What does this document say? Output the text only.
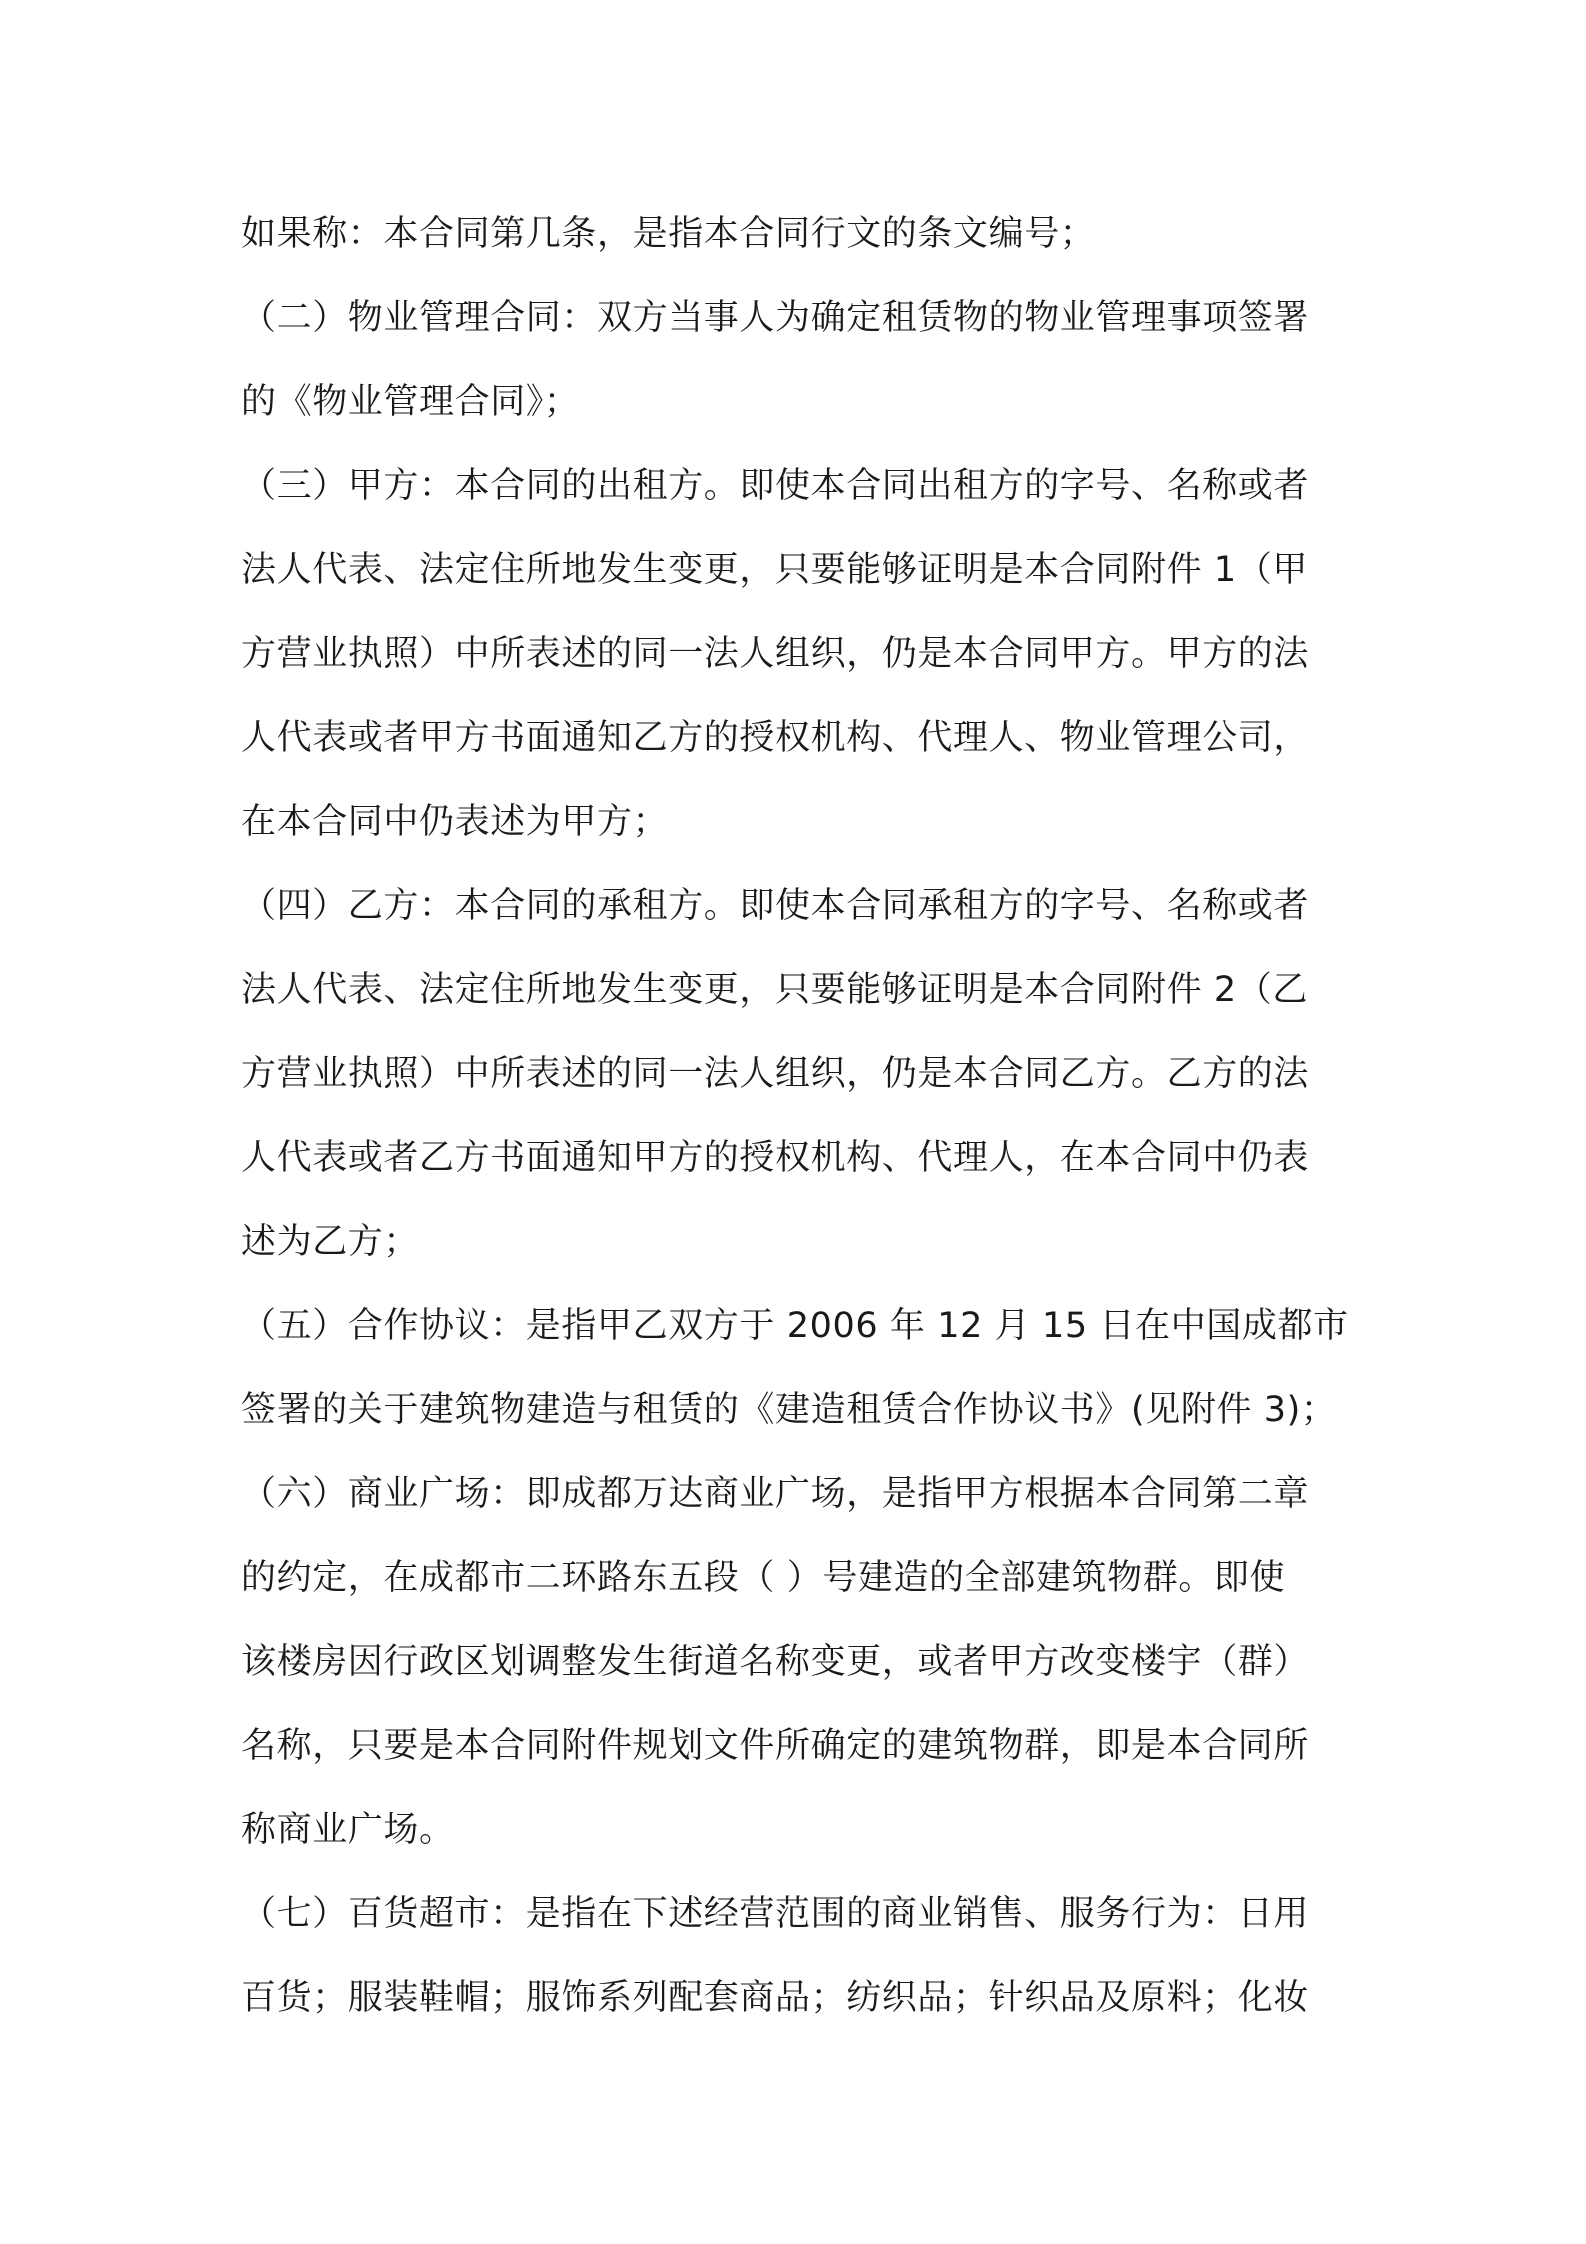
如果称：本合同第几条，是指本合同行文的条文编号；
（二）物业管理合同：双方当事人为确定租赁物的物业管理事项签署
的《物业管理合同》；
（三）甲方：本合同的出租方。即使本合同出租方的字号、名称或者
法人代表、法定住所地发生变更，只要能够证明是本合同附件 1（甲
方营业执照）中所表述的同一法人组织，仍是本合同甲方。甲方的法
人代表或者甲方书面通知乙方的授权机构、代理人、物业管理公司，
在本合同中仍表述为甲方；
（四）乙方：本合同的承租方。即使本合同承租方的字号、名称或者
法人代表、法定住所地发生变更，只要能够证明是本合同附件 2（乙
方营业执照）中所表述的同一法人组织，仍是本合同乙方。乙方的法
人代表或者乙方书面通知甲方的授权机构、代理人，在本合同中仍表
述为乙方；
（五）合作协议：是指甲乙双方于 2006 年 12 月 15 日在中国成都市
签署的关于建筑物建造与租赁的《建造租赁合作协议书》(见附件 3)；
（六）商业广场：即成都万达商业广场，是指甲方根据本合同第二章
的约定，在成都市二环路东五段（ ）号建造的全部建筑物群。即使
该楼房因行政区划调整发生街道名称变更，或者甲方改变楼宇（群）
名称，只要是本合同附件规划文件所确定的建筑物群，即是本合同所
称商业广场。
（七）百货超市：是指在下述经营范围的商业销售、服务行为：日用
百货；服装鞋帽；服饰系列配套商品；纺织品；针织品及原料；化妆
